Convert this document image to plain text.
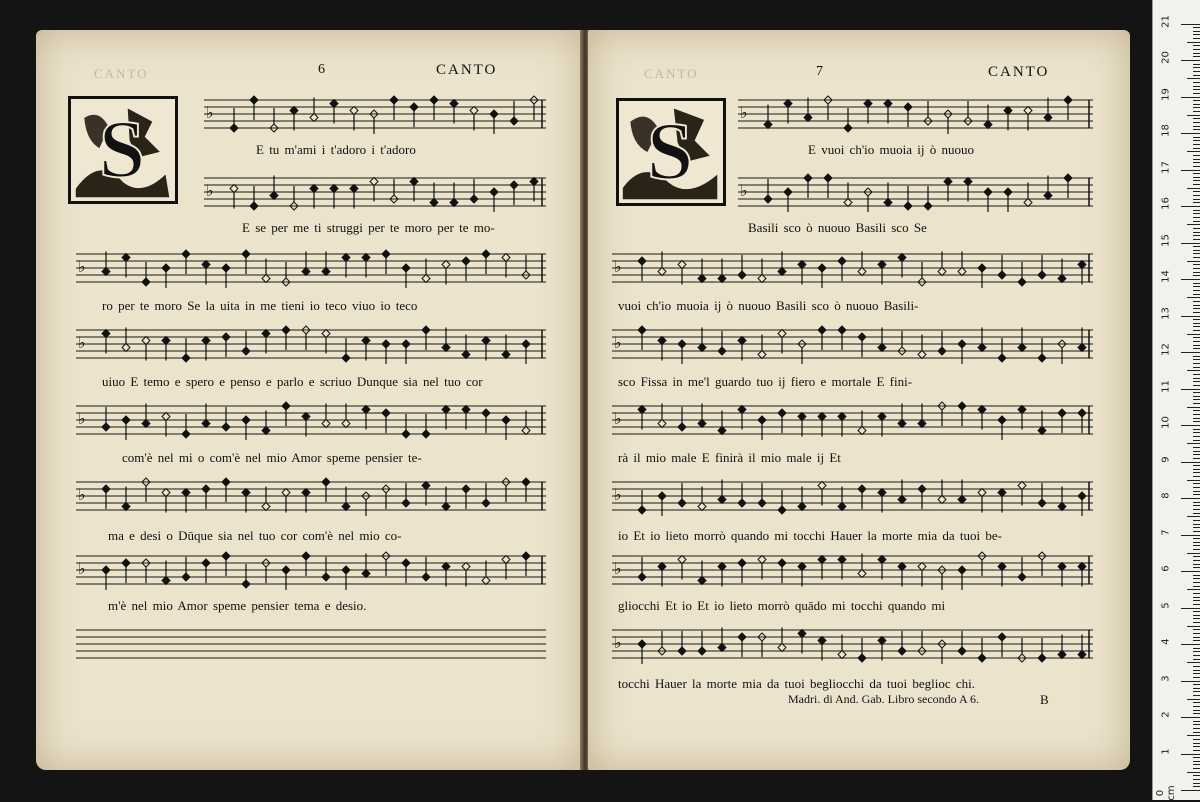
CANTO	6	CANTO
S	♭
♭
♭
♭
♭
♭
♭
E tu m'ami i t'adoro i t'adoro
E se per me ti struggi per te moro per te mo-
ro per te moro Se la uita in me tieni io teco viuo io teco
uiuo E temo e spero e penso e parlo e scriuo Dunque sia nel tuo cor
com'è nel mi o com'è nel mio Amor speme pensier te-
ma e desi o Dūque sia nel tuo cor com'è nel mio co-
m'è nel mio Amor speme pensier tema e desio.
CANTO	7	CANTO
S	♭
♭
♭
♭
♭
♭
♭
♭
E vuoi ch'io muoia ij ò nuouo
Basili sco ò nuouo Basili sco Se
vuoi ch'io muoia ij ò nuouo Basili sco ò nuouo Basili-
sco Fissa in me'l guardo tuo ij fiero e mortale E fini-
rà il mio male E finirà il mio male ij Et
io Et io lieto morrò quando mi tocchi Hauer la morte mia da tuoi be-
gliocchi Et io Et io lieto morrò quādo mi tocchi quando mi
tocchi Hauer la morte mia da tuoi begliocchi da tuoi beglioc chi.
Madri. di And. Gab. Libro secondo A 6.	B
0 cm
1
2
3
4
5
6
7
8
9
10
11
12
13
14
15
16
17
18
19
20
21
